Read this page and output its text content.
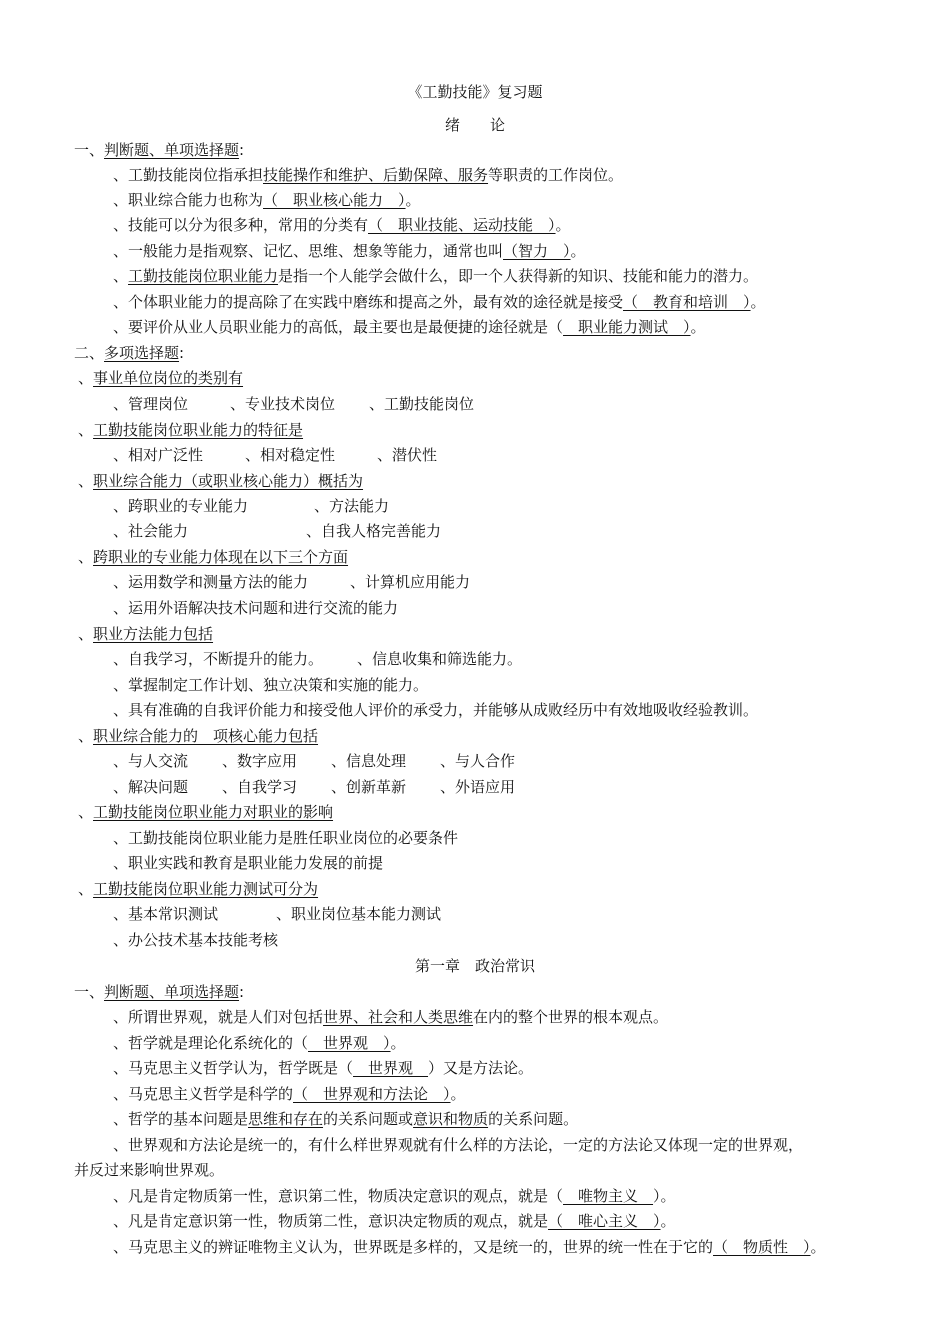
《工勤技能》复习题
绪　　论
一、判断题、单项选择题:
、工勤技能岗位指承担技能操作和维护、后勤保障、服务等职责的工作岗位。
、职业综合能力也称为（　职业核心能力　）。
、技能可以分为很多种，常用的分类有（　职业技能、运动技能　）。
、一般能力是指观察、记忆、思维、想象等能力，通常也叫（智力　）。
、工勤技能岗位职业能力是指一个人能学会做什么，即一个人获得新的知识、技能和能力的潜力。
、个体职业能力的提高除了在实践中磨练和提高之外，最有效的途径就是接受（　教育和培训　）。
、要评价从业人员职业能力的高低，最主要也是最便捷的途径就是（　职业能力测试　）。
二、多项选择题:
、事业单位岗位的类别有
、管理岗位	、专业技术岗位 、工勤技能岗位
、工勤技能岗位职业能力的特征是
、相对广泛性	、相对稳定性	、潜伏性
、职业综合能力（或职业核心能力）概括为
、跨职业的专业能力	、方法能力
、社会能力	、自我人格完善能力
、跨职业的专业能力体现在以下三个方面
、运用数学和测量方法的能力	、计算机应用能力
、运用外语解决技术问题和进行交流的能力
、职业方法能力包括
、自我学习，不断提升的能力。 、信息收集和筛选能力。
、掌握制定工作计划、独立决策和实施的能力。
、具有准确的自我评价能力和接受他人评价的承受力，并能够从成败经历中有效地吸收经验教训。
、职业综合能力的　项核心能力包括
、与人交流 、数字应用 、信息处理 、与人合作
、解决问题 、自我学习 、创新革新 、外语应用
、工勤技能岗位职业能力对职业的影响
、工勤技能岗位职业能力是胜任职业岗位的必要条件
、职业实践和教育是职业能力发展的前提
、工勤技能岗位职业能力测试可分为
、基本常识测试	、职业岗位基本能力测试
、办公技术基本技能考核
第一章　政治常识
一、判断题、单项选择题:
、所谓世界观，就是人们对包括世界、社会和人类思维在内的整个世界的根本观点。
、哲学就是理论化系统化的（　世界观　）。
、马克思主义哲学认为，哲学既是（　世界观　）又是方法论。
、马克思主义哲学是科学的（　世界观和方法论　）。
、哲学的基本问题是思维和存在的关系问题或意识和物质的关系问题。
、世界观和方法论是统一的，有什么样世界观就有什么样的方法论，一定的方法论又体现一定的世界观，
并反过来影响世界观。
、凡是肯定物质第一性，意识第二性，物质决定意识的观点，就是（　唯物主义　）。
、凡是肯定意识第一性，物质第二性，意识决定物质的观点，就是（　唯心主义　）。
、马克思主义的辨证唯物主义认为，世界既是多样的，又是统一的，世界的统一性在于它的（　物质性　）。
